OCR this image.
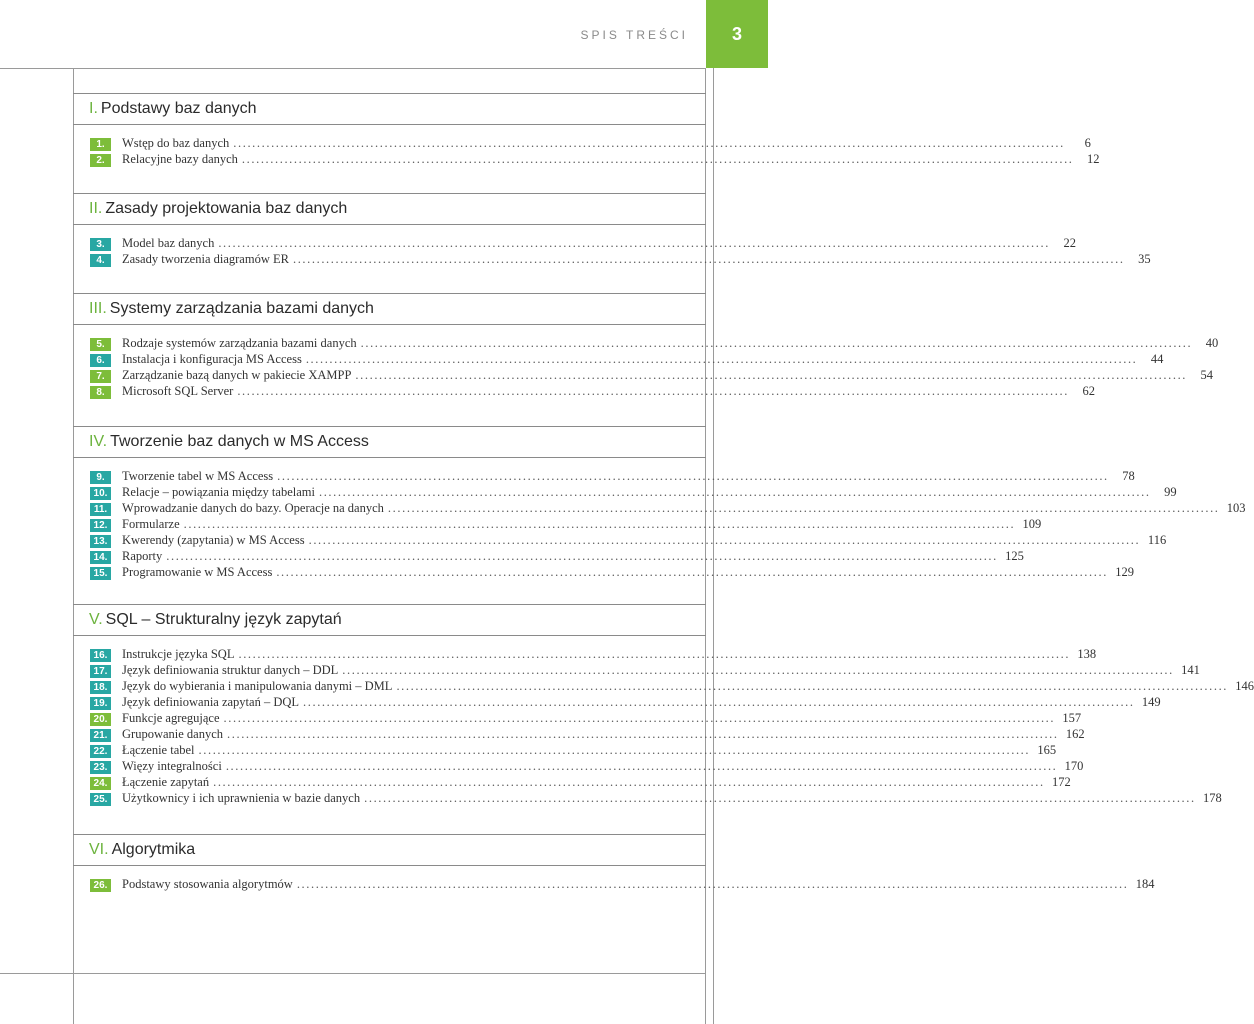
SPIS TREŚCI	3
I. Podstawy baz danych
1.	Wstęp do baz danych ................................................................................................................................................................................	6
2.	Relacyjne bazy danych ................................................................................................................................................................................	12
II. Zasady projektowania baz danych
3.	Model baz danych ................................................................................................................................................................................	22
4.	Zasady tworzenia diagramów ER ................................................................................................................................................................................	35
III. Systemy zarządzania bazami danych
5.	Rodzaje systemów zarządzania bazami danych ................................................................................................................................................................................	40
6.	Instalacja i konfiguracja MS Access ................................................................................................................................................................................	44
7.	Zarządzanie bazą danych w pakiecie XAMPP ................................................................................................................................................................................	54
8.	Microsoft SQL Server ................................................................................................................................................................................	62
IV. Tworzenie baz danych w MS Access
9.	Tworzenie tabel w MS Access ................................................................................................................................................................................	78
10. Relacje – powiązania między tabelami ................................................................................................................................................................................	99
11.	Wprowadzanie danych do bazy. Operacje na danych ................................................................................................................................................................................ 103
12. Formularze ................................................................................................................................................................................ 109
13. Kwerendy (zapytania) w MS Access ................................................................................................................................................................................ 116
14. Raporty ................................................................................................................................................................................ 125
15. Programowanie w MS Access ................................................................................................................................................................................ 129
V. SQL – Strukturalny język zapytań
16. Instrukcje języka SQL ................................................................................................................................................................................ 138
17. Język definiowania struktur danych – DDL ................................................................................................................................................................................ 141
18. Język do wybierania i manipulowania danymi – DML ................................................................................................................................................................................ 146
19. Język definiowania zapytań – DQL ................................................................................................................................................................................ 149
20. Funkcje agregujące ................................................................................................................................................................................ 157
21. Grupowanie danych ................................................................................................................................................................................ 162
22. Łączenie tabel ................................................................................................................................................................................ 165
23. Więzy integralności ................................................................................................................................................................................ 170
24. Łączenie zapytań ................................................................................................................................................................................ 172
25. Użytkownicy i ich uprawnienia w bazie danych ................................................................................................................................................................................ 178
VI. Algorytmika
26. Podstawy stosowania algorytmów ................................................................................................................................................................................ 184
